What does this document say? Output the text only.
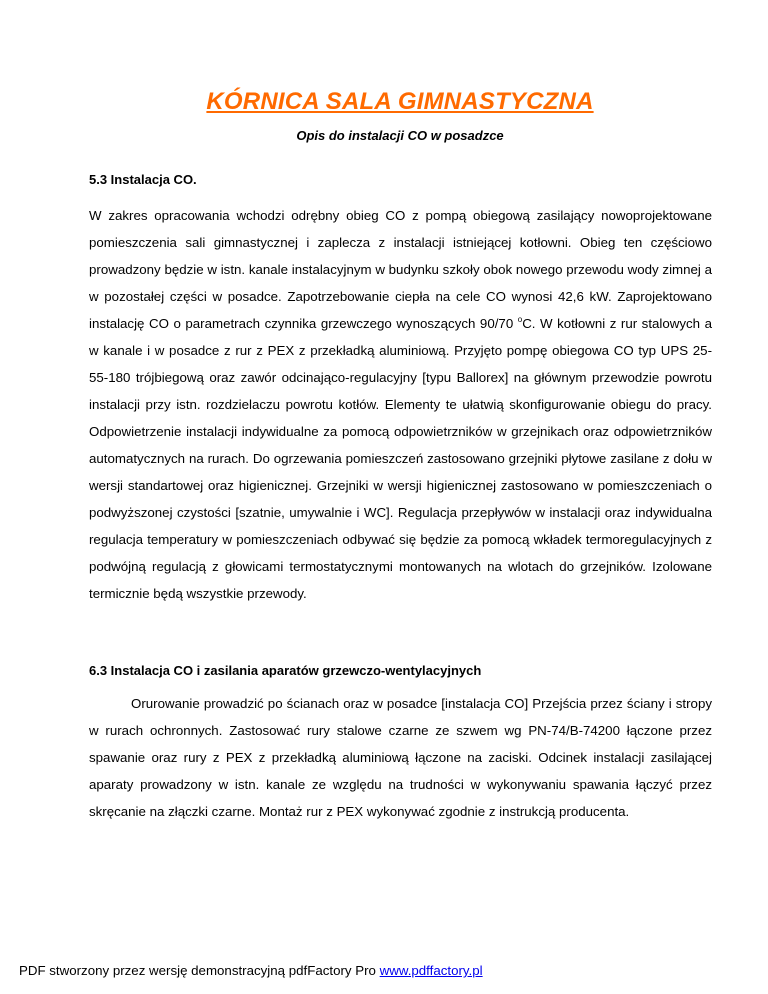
KÓRNICA SALA GIMNASTYCZNA

Opis do instalacji CO w posadzce

5.3 Instalacja CO.

W zakres opracowania wchodzi odrębny obieg CO z pompą obiegową zasilający nowoprojektowane pomieszczenia sali gimnastycznej i zaplecza z instalacji istniejącej kotłowni. Obieg ten częściowo prowadzony będzie w istn. kanale instalacyjnym w budynku szkoły obok nowego przewodu wody zimnej a w pozostałej części w posadce. Zapotrzebowanie ciepła na cele CO wynosi 42,6 kW. Zaprojektowano instalację CO o parametrach czynnika grzewczego wynoszących 90/70 $^o$C. W kotłowni z rur stalowych a w kanale i w posadce z rur z PEX z przekładką aluminiową. Przyjęto pompę obiegowa CO typ UPS 25-55-180 trójbiegową oraz zawór odcinająco-regulacyjny [typu Ballorex] na głównym przewodzie powrotu instalacji przy istn. rozdzielaczu powrotu kotłów. Elementy te ułatwią skonfigurowanie obiegu do pracy. Odpowietrzenie instalacji indywidualne za pomocą odpowietrzników w grzejnikach oraz odpowietrzników automatycznych na rurach. Do ogrzewania pomieszczeń zastosowano grzejniki płytowe zasilane z dołu w wersji standartowej oraz higienicznej. Grzejniki w wersji higienicznej zastosowano w pomieszczeniach o podwyższonej czystości [szatnie, umywalnie i WC]. Regulacja przepływów w instalacji oraz indywidualna regulacja temperatury w pomieszczeniach odbywać się będzie za pomocą wkładek termoregulacyjnych z podwójną regulacją z głowicami termostatycznymi montowanych na wlotach do grzejników. Izolowane termicznie będą wszystkie przewody.

6.3 Instalacja CO i zasilania aparatów grzewczo-wentylacyjnych

Orurowanie prowadzić po ścianach oraz w posadce [instalacja CO] Przejścia przez ściany i stropy w rurach ochronnych. Zastosować rury stalowe czarne ze szwem wg PN-74/B-74200 łączone przez spawanie oraz rury z PEX z przekładką aluminiową łączone na zaciski. Odcinek instalacji zasilającej aparaty prowadzony w istn. kanale ze względu na trudności w wykonywaniu spawania łączyć przez skręcanie na złączki czarne. Montaż rur z PEX wykonywać zgodnie z instrukcją producenta.

PDF stworzony przez wersję demonstracyjną pdfFactory Pro www.pdffactory.pl
